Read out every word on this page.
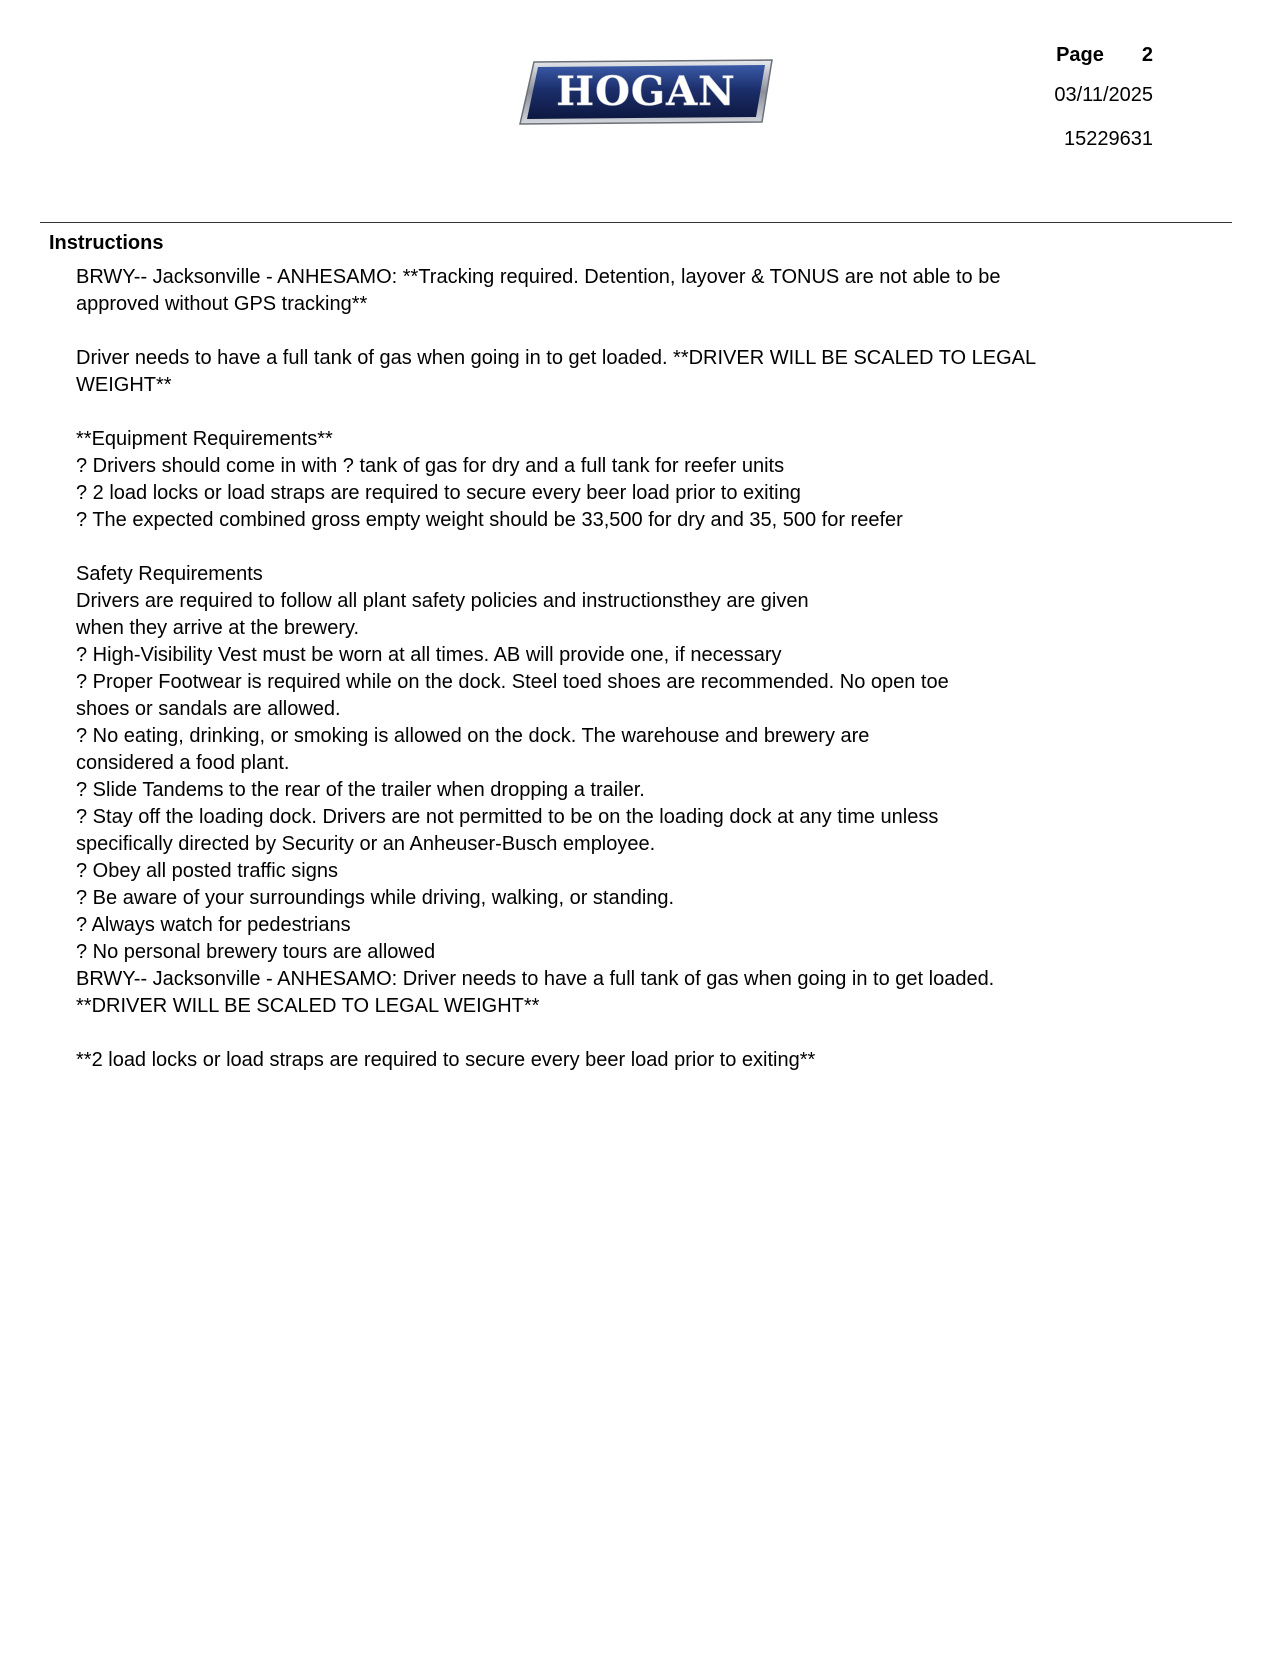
HOGAN
Page 2
03/11/2025
15229631
Instructions

BRWY-- Jacksonville - ANHESAMO: **Tracking required. Detention, layover & TONUS are not able to be

approved without GPS tracking**

Driver needs to have a full tank of gas when going in to get loaded. **DRIVER WILL BE SCALED TO LEGAL

WEIGHT**

**Equipment Requirements**

? Drivers should come in with ? tank of gas for dry and a full tank for reefer units

? 2 load locks or load straps are required to secure every beer load prior to exiting

? The expected combined gross empty weight should be 33,500 for dry and 35, 500 for reefer

Safety Requirements

Drivers are required to follow all plant safety policies and instructionsthey are given

when they arrive at the brewery.

? High-Visibility Vest must be worn at all times. AB will provide one, if necessary

? Proper Footwear is required while on the dock. Steel toed shoes are recommended. No open toe

shoes or sandals are allowed.

? No eating, drinking, or smoking is allowed on the dock. The warehouse and brewery are

considered a food plant.

? Slide Tandems to the rear of the trailer when dropping a trailer.

? Stay off the loading dock. Drivers are not permitted to be on the loading dock at any time unless

specifically directed by Security or an Anheuser-Busch employee.

? Obey all posted traffic signs

? Be aware of your surroundings while driving, walking, or standing.

? Always watch for pedestrians

? No personal brewery tours are allowed

BRWY-- Jacksonville - ANHESAMO: Driver needs to have a full tank of gas when going in to get loaded.

**DRIVER WILL BE SCALED TO LEGAL WEIGHT**

**2 load locks or load straps are required to secure every beer load prior to exiting**
